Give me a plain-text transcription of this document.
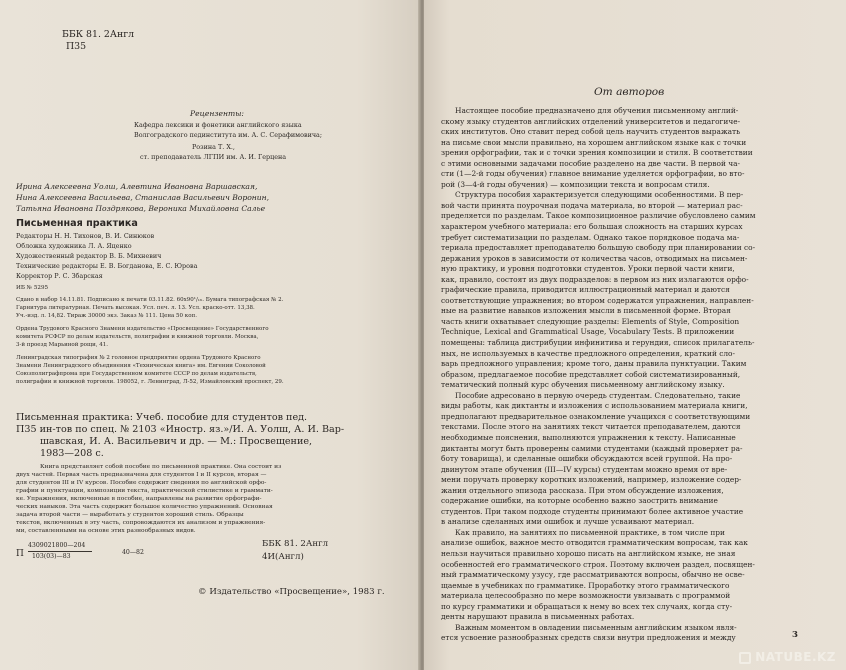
ББК 81. 2Англ

П35

Рецензенты:

Кафедра лексики и фонетики английского языка

Волгоградского пединститута им. А. С. Серафимовича;

Розина Т. Х.,

ст. преподаватель ЛГПИ им. А. И. Герцена

Ирина Алексеевна Уолш, Алевтина Ивановна Варшавская,

Нина Алексеевна Васильева, Станислав Васильевич Воронин,

Татьяна Ивановна Поздрякова, Вероника Михайловна Салье

Письменная практика

Редакторы Н. Н. Тихонов, В. И. Синюков

Обложка художника Л. А. Яценко

Художественный редактор В. Б. Михневич

Технические редакторы Е. В. Богданова, Е. С. Юрова

Корректор Р. С. Збарская

ИБ № 5295

Сдано в набор 14.11.81. Подписано к печати 03.11.82. 60х90¹/₁₆. Бумага типографская № 2.

Гарнитура литературная. Печать высокая. Усл. печ. л. 13. Усл. краско-отт. 13,38.

Уч.-изд. л. 14,82. Тираж 30000 экз. Заказ № 111. Цена 50 коп.

Ордена Трудового Красного Знамени издательство «Просвещение» Государственного

комитета РСФСР по делам издательств, полиграфии и книжной торговли. Москва,

3-й проезд Марьиной рощи, 41.

Ленинградская типография № 2 головное предприятие ордена Трудового Красного

Знамени Ленинградского объединения «Техническая книга» им. Евгении Соколовой

Союзполиграфпрома при Государственном комитете СССР по делам издательств,

полиграфии и книжной торговли. 198052, г. Ленинград, Л-52, Измайловский проспект, 29.

Письменная практика: Учеб. пособие для студентов пед.

П35 ин-тов по спец. № 2103 «Иностр. яз.»/И. А. Уолш, А. И. Вар-

шавская, И. А. Васильевич и др. — М.: Просвещение,

1983—208 с.

Книга представляет собой пособие по письменной практике. Она состоит из

двух частей. Первая часть предназначена для студентов I и II курсов, вторая —

для студентов III и IV курсов. Пособие содержит сведения по английской орфо-

графии и пунктуации, композиции текста, практической стилистике и граммати-

ке. Упражнения, включенные в пособие, направлены на развитие орфографи-

ческих навыков. Эта часть содержит большое количество упражнений. Основная

задача второй части — выработать у студентов хороший стиль. Образцы

текстов, включенных в эту часть, сопровождаются их анализом и упражнения-

ми, составленными на основе этих разнообразных видов.

П

4309021800—204

103(03)—83

40—82

ББК 81. 2Англ

4И(Англ)

© Издательство «Просвещение», 1983 г.

От авторов

Настоящее пособие предназначено для обучения письменному англий-
скому языку студентов английских отделений университетов и педагогиче-
ских институтов. Оно ставит перед собой цель научить студентов выражать
на письме свои мысли правильно, на хорошем английском языке как с точки
зрения орфографии, так и с точки зрения композиции и стиля. В соответствии
с этими основными задачами пособие разделено на две части. В первой ча-
сти (1—2-й годы обучения) главное внимание уделяется орфографии, во вто-
рой (3—4-й годы обучения) — композиции текста и вопросам стиля.
Структура пособия характеризуется следующими особенностями. В пер-
вой части принята поурочная подача материала, во второй — материал рас-
пределяется по разделам. Такое композиционное различие обусловлено самим
характером учебного материала: его большая сложность на старших курсах
требует систематизации по разделам. Однако такое порядковое подача ма-
териала предоставляет преподавателю большую свободу при планировании со-
держания уроков в зависимости от количества часов, отводимых на письмен-
ную практику, и уровня подготовки студентов. Уроки первой части книги,
как, правило, состоят из двух подразделов: в первом из них излагаются орфо-
графические правила, приводится иллюстрационный материал и даются
соответствующие упражнения; во втором содержатся упражнения, направлен-
ные на развитие навыков изложения мысли в письменной форме. Вторая
часть книги охватывает следующие разделы: Elements of Style, Composition
Technique, Lexical and Grammatical Usage, Vocabulary Tests. В приложении
помещены: таблица дистрибуции инфинитива и герундия, список прилагатель-
ных, не используемых в качестве предложного определения, краткий сло-
варь предложного управления; кроме того, даны правила пунктуации. Таким
образом, предлагаемое пособие представляет собой систематизированный,
тематический полный курс обучения письменному английскому языку.
Пособие адресовано в первую очередь студентам. Следовательно, такие
виды работы, как диктанты и изложения с использованием материала книги,
предполагают предварительное ознакомление учащихся с соответствующими
текстами. После этого на занятиях текст читается преподавателем, даются
необходимые пояснения, выполняются упражнения к тексту. Написанные
диктанты могут быть проверены самими студентами (каждый проверяет ра-
боту товарища), и сделанные ошибки обсуждаются всей группой. На про-
двинутом этапе обучения (III—IV курсы) студентам можно время от вре-
мени поручать проверку коротких изложений, например, изложение содер-
жания отдельного эпизода рассказа. При этом обсуждение изложения,
содержание ошибки, на которые особенно важно заострить внимание
студентов. При таком подходе студенты принимают более активное участие
в анализе сделанных ими ошибок и лучше усваивают материал.
Как правило, на занятиях по письменной практике, в том числе при
анализе ошибок, важное место отводится грамматическим вопросам, так как
нельзя научиться правильно хорошо писать на английском языке, не зная
особенностей его грамматического строя. Поэтому включен раздел, посвящен-
ный грамматическому узусу, где рассматриваются вопросы, обычно не осве-
щаемые в учебниках по грамматике. Проработку этого грамматического
материала целесообразно по мере возможности увязывать с программой
по курсу грамматики и обращаться к нему во всех тех случаях, когда сту-
денты нарушают правила в письменных работах.
Важным моментом в овладении письменным английским языком явля-
ется усвоение разнообразных средств связи внутри предложения и между	3

NATUBE.KZ
